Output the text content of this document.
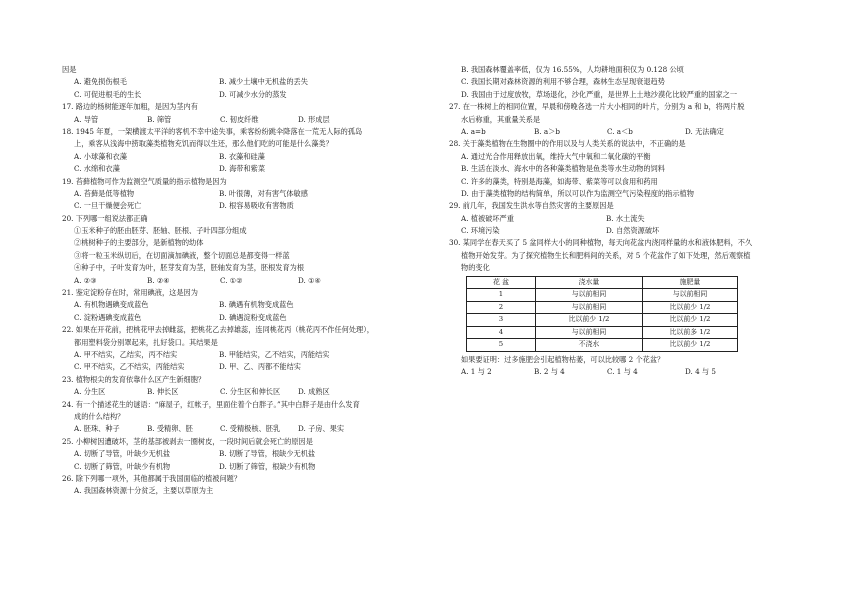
因是
A. 避免损伤根毛	B. 减少土壤中无机盐的丢失
C. 可促进根毛的生长	D. 可减少水分的蒸发
17. 路边的杨树能逐年加粗，是因为茎内有
A. 导管	B. 筛管	C. 韧皮纤维	D. 形成层
18. 1945 年夏，一架横渡太平洋的客机不幸中途失事，乘客纷纷跳伞降落在一荒无人际的孤岛
上，乘客从浅海中捞取藻类植物充饥而得以生还，那么他们吃的可能是什么藻类？
A. 小球藻和衣藻	B. 衣藻和硅藻
C. 水绵和衣藻	D. 海带和紫菜
19. 苔藓植物可作为监测空气质量的指示植物是因为
A. 苔藓是低等植物	B. 叶很薄，对有害气体敏感
C. 一旦干燥便会死亡	D. 根容易吸收有害物质
20. 下列哪一组说法都正确
①玉米种子的胚由胚芽、胚轴、胚根、子叶四部分组成
②桃树种子的主要部分，是新植物的幼体
③将一粒玉米纵切后，在切面滴加碘液，整个切面总是都变得一样蓝
④种子中，子叶发育为叶，胚芽发育为茎，胚轴发育为茎，胚根发育为根
A. ②③	B. ②④	C. ①②	D. ①④
21. 鉴定淀粉存在时，常用碘液，这是因为
A. 有机物遇碘变成蓝色	B. 碘遇有机物变成蓝色
C. 淀粉遇碘变成蓝色	D. 碘遇淀粉变成蓝色
22. 如果在开花前，把桃花甲去掉雌蕊，把桃花乙去掉雄蕊，连同桃花丙（桃花丙不作任何处理），
都用塑料袋分别罩起来，扎好袋口。其结果是
A. 甲不结实，乙结实，丙不结实	B. 甲能结实，乙不结实，丙能结实
C. 甲不结实，乙不结实，丙能结实	D. 甲、乙、丙都不能结实
23. 植物根尖的发育依靠什么区产生新细胞？
A. 分生区	B. 伸长区	C. 分生区和伸长区 D. 成熟区
24. 有一个描述花生的谜语：“麻屋子，红帐子，里面住着个白胖子。”其中白胖子是由什么发育
成的什么结构？
A. 胚珠、种子	B. 受精卵、胚	C. 受精极核、胚乳 D. 子房、果实
25. 小柳树因遭破坏，茎的基部被剥去一圈树皮，一段时间后就会死亡的原因是
A. 切断了导管，叶缺少无机盐	B. 切断了导管，根缺少无机盐
C. 切断了筛管，叶缺少有机物	D. 切断了筛管，根缺少有机物
26. 除下列哪一项外，其他都属于我国面临的植被问题？
A. 我国森林资源十分贫乏，主要以草原为主
B. 我国森林覆盖率低，仅为 16.55%，人均耕地面积仅为 0.128 公顷
C. 我国长期对森林资源的利用不够合理，森林生态呈现衰退趋势
D. 我国由于过度放牧，草场退化，沙化严重，是世界上土地沙漠化比较严重的国家之一
27. 在一株树上的相同位置，早晨和傍晚各选一片大小相同的叶片，分别为 a 和 b，将两片脱
水后称重，其重量关系是
A. a=b	B. a＞b	C. a＜b	D. 无法确定
28. 关于藻类植物在生物圈中的作用以及与人类关系的说法中，不正确的是
A. 通过光合作用释放出氧，维持大气中氧和二氧化碳的平衡
B. 生活在淡水、海水中的各种藻类植物是鱼类等水生动物的饲料
C. 许多的藻类，特别是海藻，如海带、紫菜等可以食用和药用
D. 由于藻类植物的结构简单，所以可以作为监测空气污染程度的指示植物
29. 前几年，我国发生洪水等自然灾害的主要原因是
A. 植被破坏严重	B. 水土流失
C. 环境污染	D. 自然资源破坏
30. 某同学在春天买了 5 盆同样大小的同种植物，每天向花盆内浇同样量的水和液体肥料，不久
植物开始发芽。为了探究植物生长和肥料间的关系，对 5 个花盆作了如下处理，然后观察植
物的变化
花 盆	浇水量	施肥量
1	与以前相同	与以前相同
2	与以前相同	比以前少 1/2
3	比以前少 1/2	比以前少 1/2
4	与以前相同	比以前多 1/2
5	不浇水	比以前少 1/2
如果要证明：过多施肥会引起植物枯萎，可以比较哪 2 个花盆？
A. 1 与 2	B. 2 与 4	C. 1 与 4	D. 4 与 5
